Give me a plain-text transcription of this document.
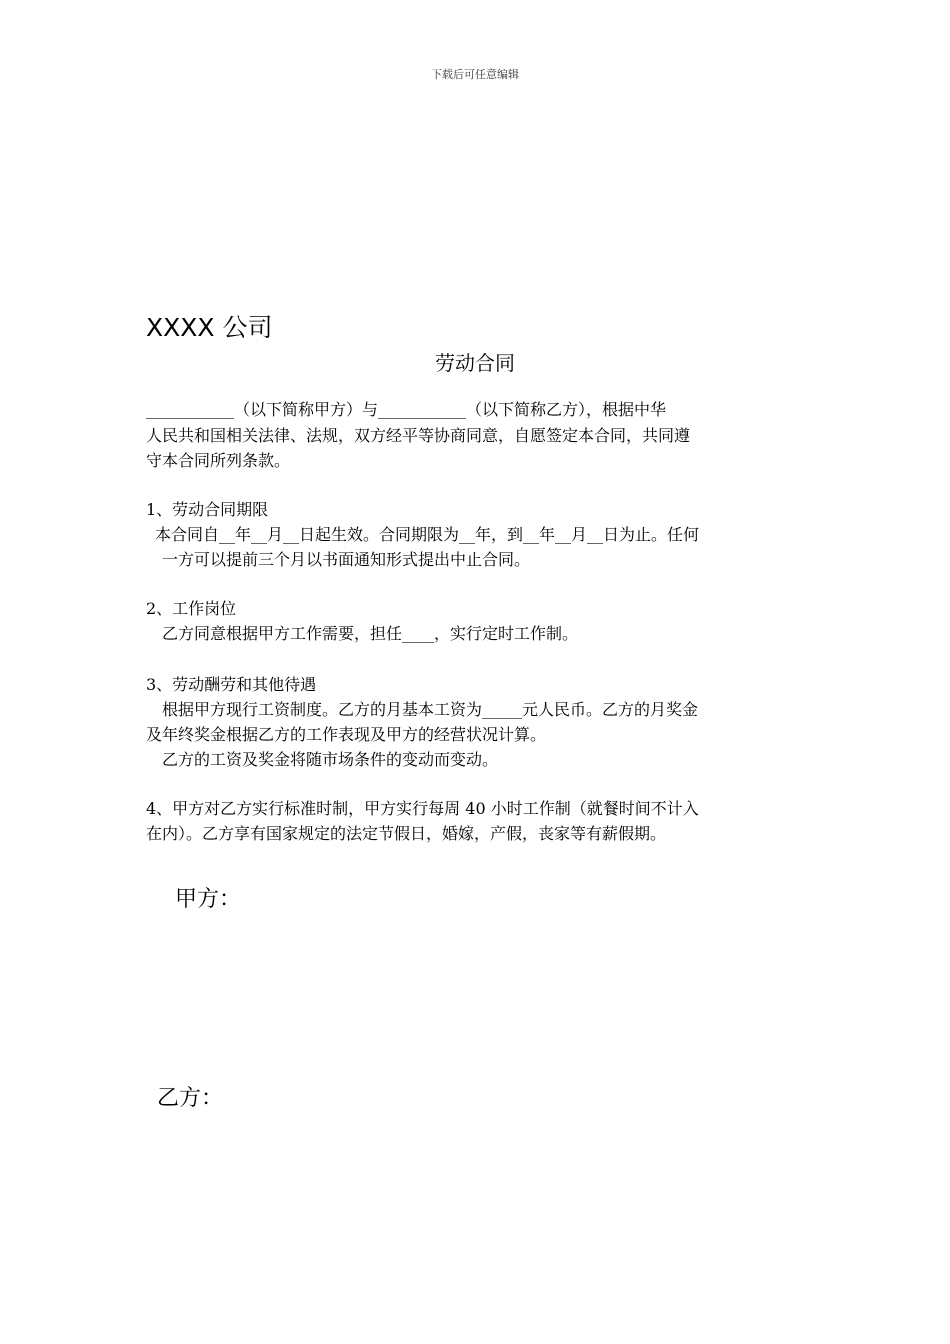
下载后可任意编辑
XXXX 公司
劳动合同
___________（以下简称甲方）与___________（以下简称乙方），根据中华
人民共和国相关法律、法规，双方经平等协商同意，自愿签定本合同，共同遵
守本合同所列条款。
1、劳动合同期限
本合同自__年__月__日起生效。合同期限为__年，到__年__月__日为止。任何
一方可以提前三个月以书面通知形式提出中止合同。
2、工作岗位
乙方同意根据甲方工作需要，担任____，实行定时工作制。
3、劳动酬劳和其他待遇
根据甲方现行工资制度。乙方的月基本工资为_____元人民币。乙方的月奖金
及年终奖金根据乙方的工作表现及甲方的经营状况计算。
乙方的工资及奖金将随市场条件的变动而变动。
4、甲方对乙方实行标准时制，甲方实行每周 40 小时工作制（就餐时间不计入
在内）。乙方享有国家规定的法定节假日，婚嫁，产假，丧家等有薪假期。
甲方：
乙方：
